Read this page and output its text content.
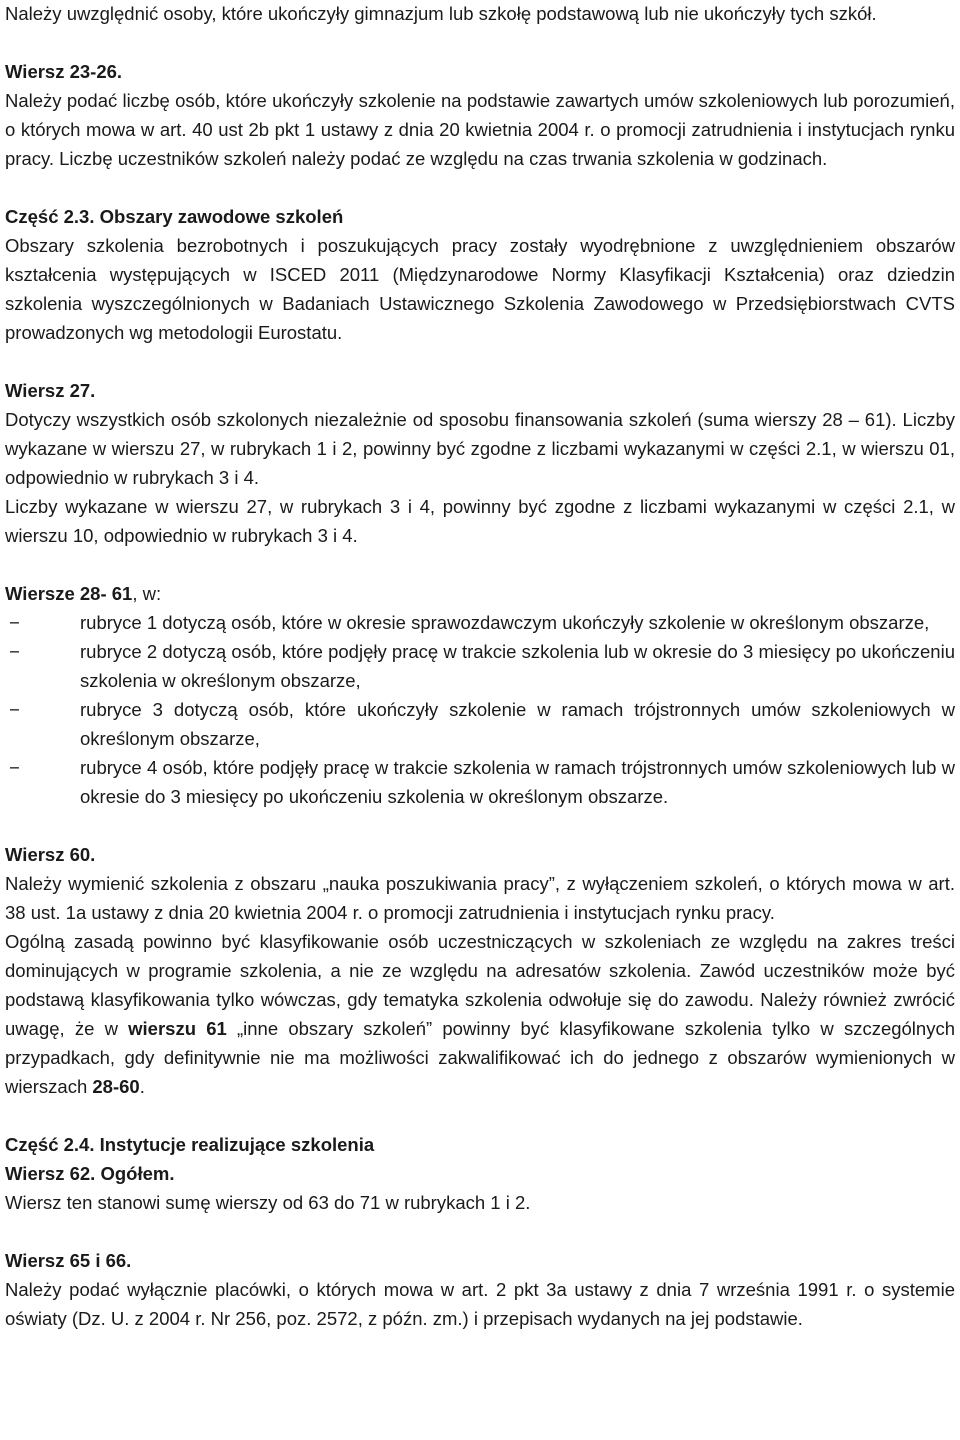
Należy uwzględnić osoby, które ukończyły gimnazjum lub szkołę podstawową lub nie ukończyły tych szkół.

Wiersz 23-26.

Należy podać liczbę osób, które ukończyły szkolenie na podstawie zawartych umów szkoleniowych lub porozumień, o których mowa w art. 40 ust 2b pkt 1 ustawy z dnia 20 kwietnia 2004 r. o promocji zatrudnienia i instytucjach rynku pracy. Liczbę uczestników szkoleń należy podać ze względu na czas trwania szkolenia w godzinach.

Część 2.3. Obszary zawodowe szkoleń

Obszary szkolenia bezrobotnych i poszukujących pracy zostały wyodrębnione z uwzględnieniem obszarów kształcenia występujących w ISCED 2011 (Międzynarodowe Normy Klasyfikacji Kształcenia) oraz dziedzin szkolenia wyszczególnionych w Badaniach Ustawicznego Szkolenia Zawodowego w Przedsiębiorstwach CVTS prowadzonych wg metodologii Eurostatu.

Wiersz 27.

Dotyczy wszystkich osób szkolonych niezależnie od sposobu finansowania szkoleń (suma wierszy 28 – 61). Liczby wykazane w wierszu 27, w rubrykach 1 i 2, powinny być zgodne z liczbami wykazanymi w części 2.1, w wierszu 01, odpowiednio w rubrykach 3 i 4.

Liczby wykazane w wierszu 27, w rubrykach 3 i 4, powinny być zgodne z liczbami wykazanymi w części 2.1, w wierszu 10, odpowiednio w rubrykach 3 i 4.

Wiersze 28- 61, w:

−	rubryce 1 dotyczą osób, które w okresie sprawozdawczym ukończyły szkolenie w określonym obszarze,
−	rubryce 2 dotyczą osób, które podjęły pracę w trakcie szkolenia lub w okresie do 3 miesięcy po ukończeniu szkolenia w określonym obszarze,
−	rubryce 3 dotyczą osób, które ukończyły szkolenie w ramach trójstronnych umów szkoleniowych w określonym obszarze,
−	rubryce 4 osób, które podjęły pracę w trakcie szkolenia w ramach trójstronnych umów szkoleniowych lub w okresie do 3 miesięcy po ukończeniu szkolenia w określonym obszarze.

Wiersz 60.

Należy wymienić szkolenia z obszaru „nauka poszukiwania pracy”, z wyłączeniem szkoleń, o których mowa w art. 38 ust. 1a ustawy z dnia 20 kwietnia 2004 r. o promocji zatrudnienia i instytucjach rynku pracy.

Ogólną zasadą powinno być klasyfikowanie osób uczestniczących w szkoleniach ze względu na zakres treści dominujących w programie szkolenia, a nie ze względu na adresatów szkolenia. Zawód uczestników może być podstawą klasyfikowania tylko wówczas, gdy tematyka szkolenia odwołuje się do zawodu. Należy również zwrócić uwagę, że w wierszu 61 „inne obszary szkoleń” powinny być klasyfikowane szkolenia tylko w szczególnych przypadkach, gdy definitywnie nie ma możliwości zakwalifikować ich do jednego z obszarów wymienionych w wierszach 28-60.

Część 2.4. Instytucje realizujące szkolenia

Wiersz 62. Ogółem.

Wiersz ten stanowi sumę wierszy od 63 do 71 w rubrykach 1 i 2.

Wiersz 65 i 66.

Należy podać wyłącznie placówki, o których mowa w art. 2 pkt 3a ustawy z dnia 7 września 1991 r. o systemie oświaty (Dz. U. z 2004 r. Nr 256, poz. 2572, z późn. zm.) i przepisach wydanych na jej podstawie.
